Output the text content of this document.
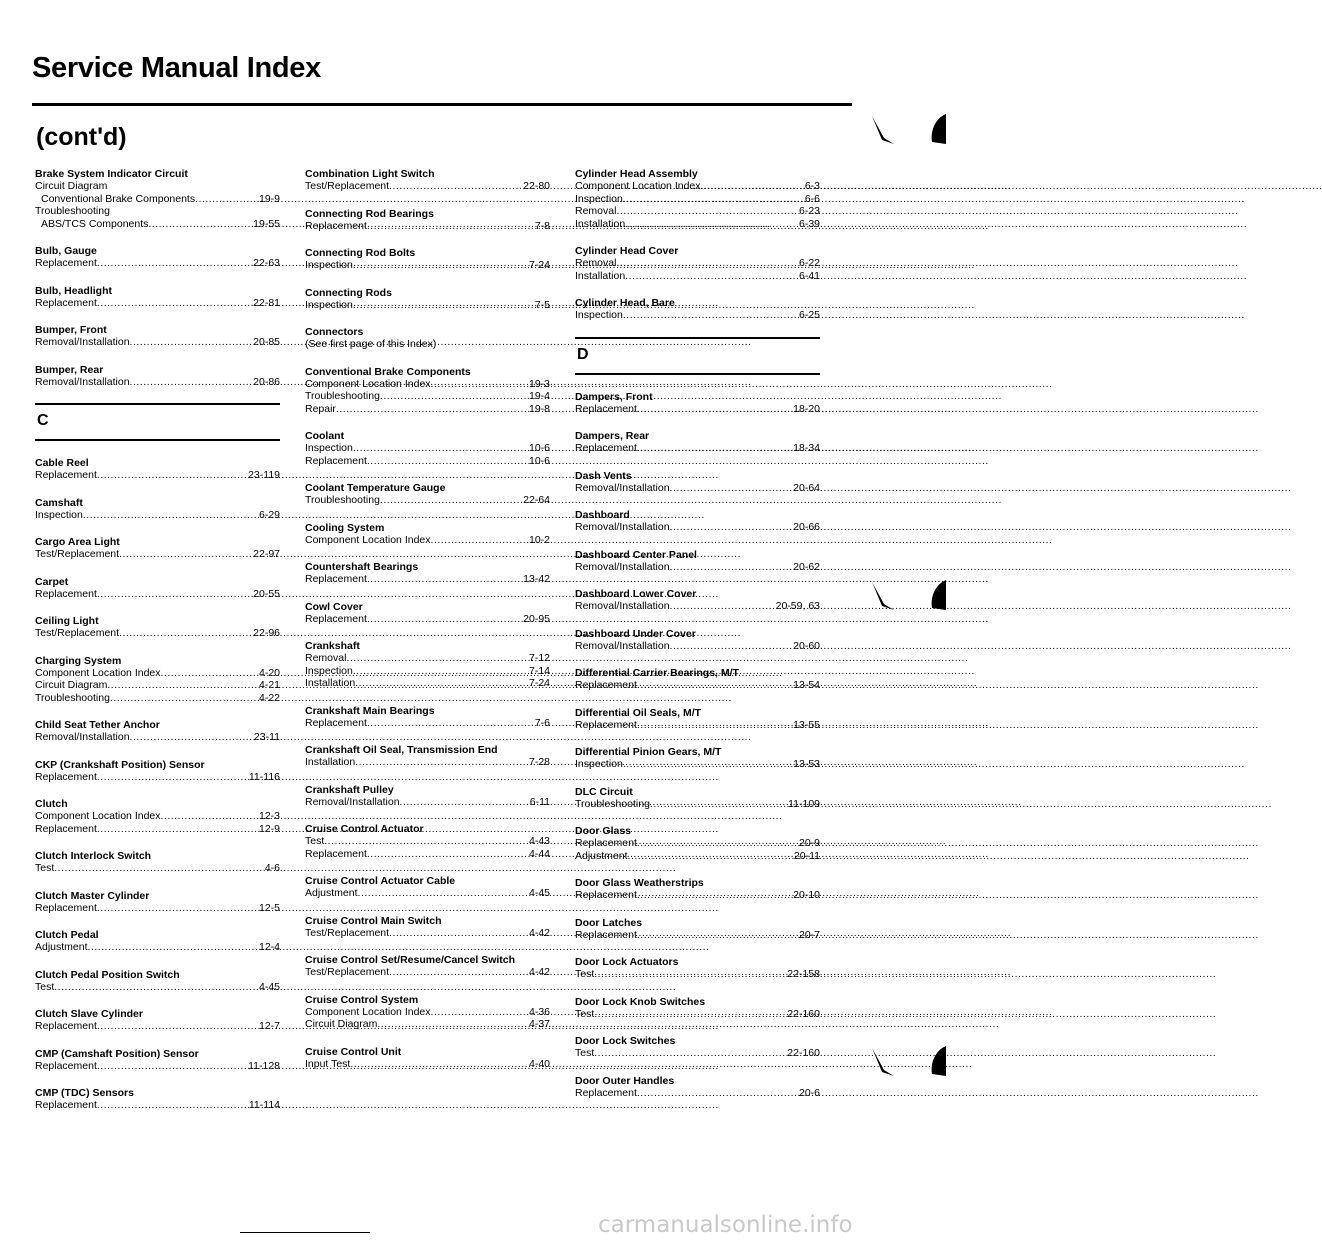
Service Manual Index
(cont'd)
Brake System Indicator Circuit
Circuit Diagram
Conventional Brake Components .....	19-9
Troubleshooting
ABS/TCS Components .....	19-55
Bulb, Gauge
Replacement .....	22-63
Bulb, Headlight
Replacement .....	22-81
Bumper, Front
Removal/Installation .....	20-85
Bumper, Rear
Removal/Installation .....	20-86
C
Cable Reel
Replacement .....	23-119
Camshaft
Inspection .....	6-29
Cargo Area Light
Test/Replacement .....	22-97
Carpet
Replacement .....	20-55
Ceiling Light
Test/Replacement .....	22-96
Charging System
Component Location Index .....	4-20
Circuit Diagram .....	4-21
Troubleshooting .....	4-22
Child Seat Tether Anchor
Removal/Installation .....	23-11
CKP (Crankshaft Position) Sensor
Replacement .....	11-116
Clutch
Component Location Index .....	12-3
Replacement .....	12-9
Clutch Interlock Switch
Test .....	4-6
Clutch Master Cylinder
Replacement .....	12-5
Clutch Pedal
Adjustment .....	12-4
Clutch Pedal Position Switch
Test .....	4-45
Clutch Slave Cylinder
Replacement .....	12-7
CMP (Camshaft Position) Sensor
Replacement .....	11-128
CMP (TDC) Sensors
Replacement .....	11-114
Combination Light Switch
Test/Replacement .....	22-80
Connecting Rod Bearings
Replacement .....	7-8
Connecting Rod Bolts
Inspection .....	7-24
Connecting Rods
Inspection .....	7-5
Connectors
(See first page of this Index)
Conventional Brake Components
Component Location Index .....	19-3
Troubleshooting .....	19-4
Repair .....	19-8
Coolant
Inspection .....	10-6
Replacement .....	10-6
Coolant Temperature Gauge
Troubleshooting .....	22-64
Cooling System
Component Location Index .....	10-2
Countershaft Bearings
Replacement .....	13-42
Cowl Cover
Replacement .....	20-95
Crankshaft
Removal .....	7-12
Inspection .....	7-14
Installation .....	7-24
Crankshaft Main Bearings
Replacement .....	7-6
Crankshaft Oil Seal, Transmission End
Installation .....	7-28
Crankshaft Pulley
Removal/Installation .....	6-11
Cruise Control Actuator
Test .....	4-43
Replacement .....	4-44
Cruise Control Actuator Cable
Adjustment .....	4-45
Cruise Control Main Switch
Test/Replacement .....	4-42
Cruise Control Set/Resume/Cancel Switch
Test/Replacement .....	4-42
Cruise Control System
Component Location Index .....	4-36
Circuit Diagram .....	4-37
Cruise Control Unit
Input Test .....	4-40
Cylinder Head Assembly
Component Location Index .....	6-3
Inspection .....	6-6
Removal .....	6-23
Installation .....	6-39
Cylinder Head Cover
Removal .....	6-22
Installation .....	6-41
Cylinder Head, Bare
Inspection .....	6-25
D
Dampers, Front
Replacement .....	18-20
Dampers, Rear
Replacement .....	18-34
Dash Vents
Removal/Installation .....	20-64
Dashboard
Removal/Installation .....	20-66
Dashboard Center Panel
Removal/Installation .....	20-62
Dashboard Lower Cover
Removal/Installation .....	20-59, 63
Dashboard Under Cover
Removal/Installation .....	20-60
Differential Carrier Bearings, M/T
Replacement .....	13-54
Differential Oil Seals, M/T
Replacement .....	13-55
Differential Pinion Gears, M/T
Inspection .....	13-53
DLC Circuit
Troubleshooting .....	11-109
Door Glass
Replacement .....	20-9
Adjustment .....	20-11
Door Glass Weatherstrips
Replacement .....	20-10
Door Latches
Replacement .....	20-7
Door Lock Actuators
Test .....	22-158
Door Lock Knob Switches
Test .....	22-160
Door Lock Switches
Test .....	22-160
Door Outer Handles
Replacement .....	20-6
carmanualsonline.info
